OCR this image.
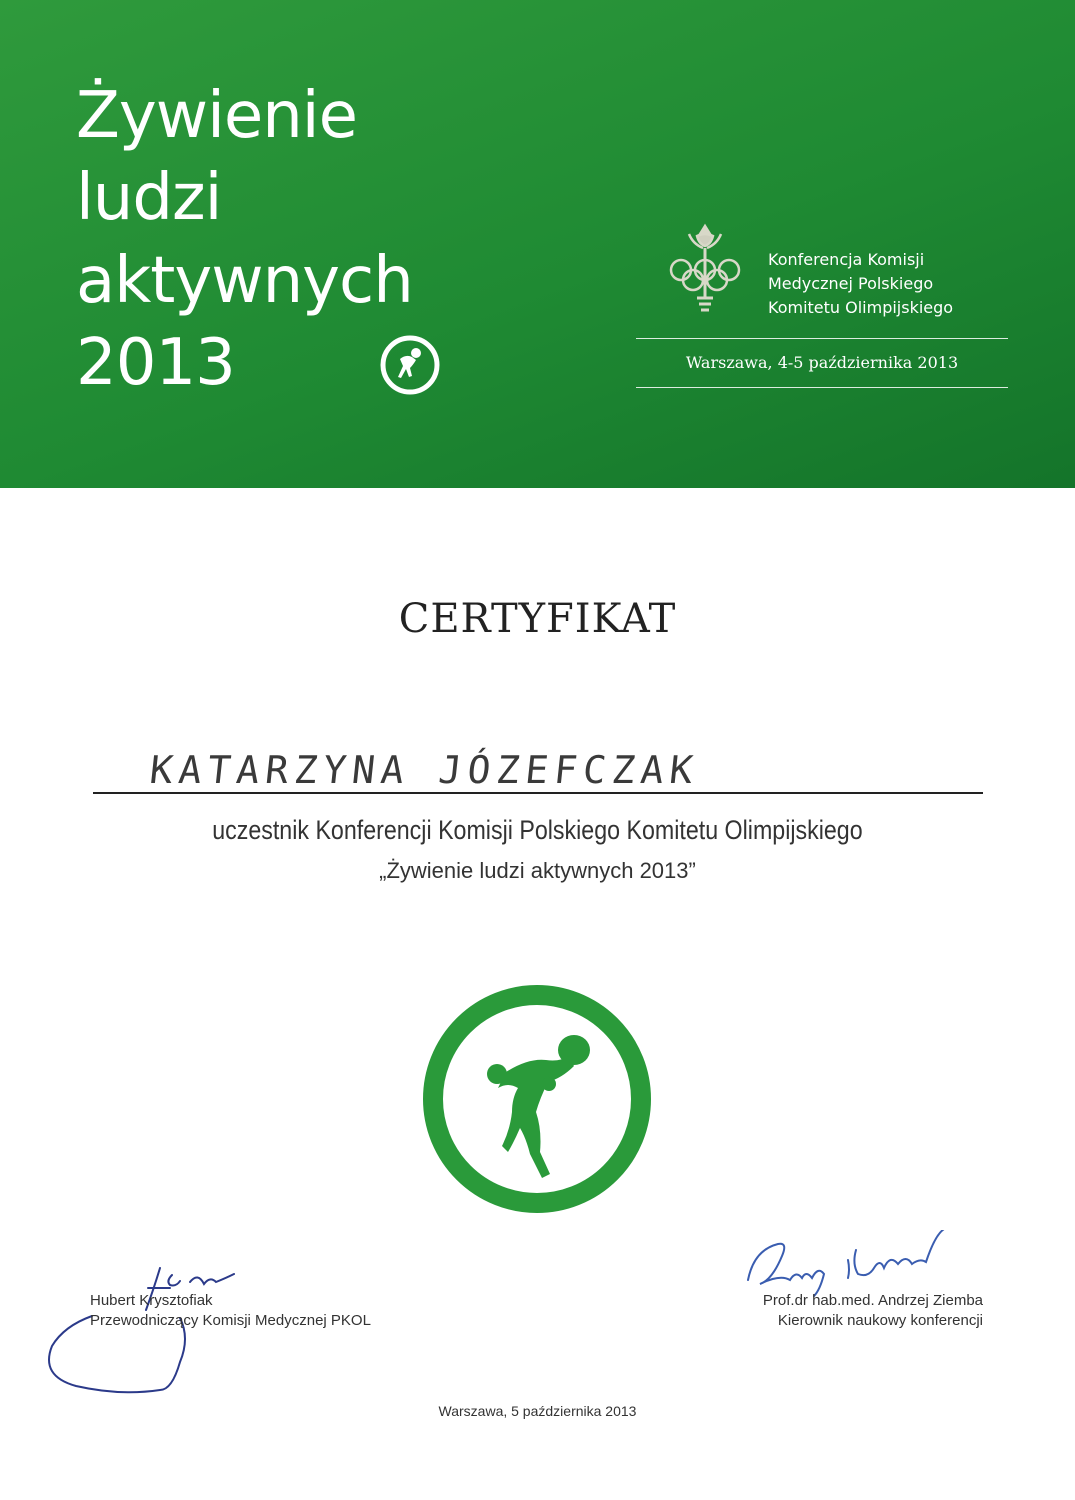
Żywienie
ludzi
aktywnych
2013
Konferencja Komisji
Medycznej Polskiego
Komitetu Olimpijskiego
Warszawa, 4-5 października 2013
CERTYFIKAT
KATARZYNA JÓZEFCZAK
uczestnik Konferencji Komisji Polskiego Komitetu Olimpijskiego
„Żywienie ludzi aktywnych 2013”
Hubert Krysztofiak
Przewodniczący Komisji Medycznej PKOL
Prof.dr hab.med. Andrzej Ziemba
Kierownik naukowy konferencji
Warszawa, 5 października 2013
